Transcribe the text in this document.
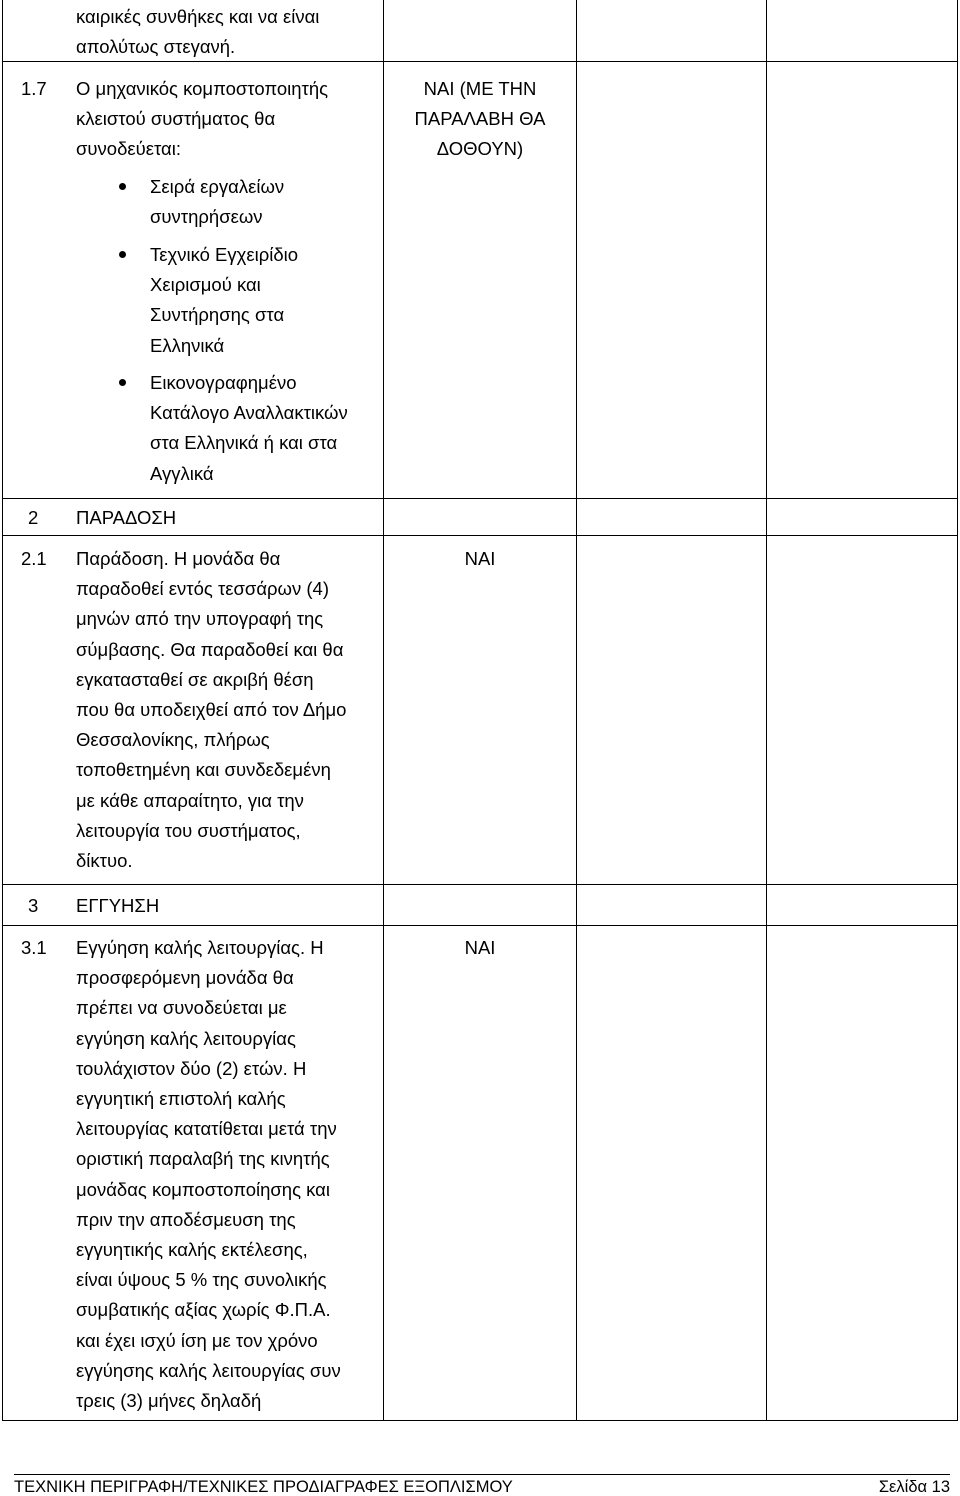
καιρικές συνθήκες και να είναι
απολύτως στεγανή.
1.7 Ο μηχανικός κομποστοποιητής
κλειστού συστήματος θα
συνοδεύεται:
Σειρά εργαλείων
συντηρήσεων
Τεχνικό Εγχειρίδιο
Χειρισμού και
Συντήρησης στα
Ελληνικά
Εικονογραφημένο
Κατάλογο Αναλλακτικών
στα Ελληνικά ή και στα
Αγγλικά
ΝΑΙ (ΜΕ ΤΗΝ
ΠΑΡΑΛΑΒΗ ΘΑ
ΔΟΘΟΥΝ)
2 ΠΑΡΑΔΟΣΗ
2.1 Παράδοση. Η μονάδα θα
παραδοθεί εντός τεσσάρων (4)
μηνών από την υπογραφή της
σύμβασης. Θα παραδοθεί και θα
εγκατασταθεί σε ακριβή θέση
που θα υποδειχθεί από τον Δήμο
Θεσσαλονίκης, πλήρως
τοποθετημένη και συνδεδεμένη
με κάθε απαραίτητο, για την
λειτουργία του συστήματος,
δίκτυο.
ΝΑΙ
3 ΕΓΓΥΗΣΗ
3.1 Εγγύηση καλής λειτουργίας. Η
προσφερόμενη μονάδα θα
πρέπει να συνοδεύεται με
εγγύηση καλής λειτουργίας
τουλάχιστον δύο (2) ετών. Η
εγγυητική επιστολή καλής
λειτουργίας κατατίθεται μετά την
οριστική παραλαβή της κινητής
μονάδας κομποστοποίησης και
πριν την αποδέσμευση της
εγγυητικής καλής εκτέλεσης,
είναι ύψους 5 % της συνολικής
συμβατικής αξίας χωρίς Φ.Π.Α.
και έχει ισχύ ίση με τον χρόνο
εγγύησης καλής λειτουργίας συν
τρεις (3) μήνες δηλαδή
ΝΑΙ
ΤΕΧΝΙΚΗ ΠΕΡΙΓΡΑΦΗ/ΤΕΧΝΙΚΕΣ ΠΡΟΔΙΑΓΡΑΦΕΣ ΕΞΟΠΛΙΣΜΟΥ	Σελίδα 13
